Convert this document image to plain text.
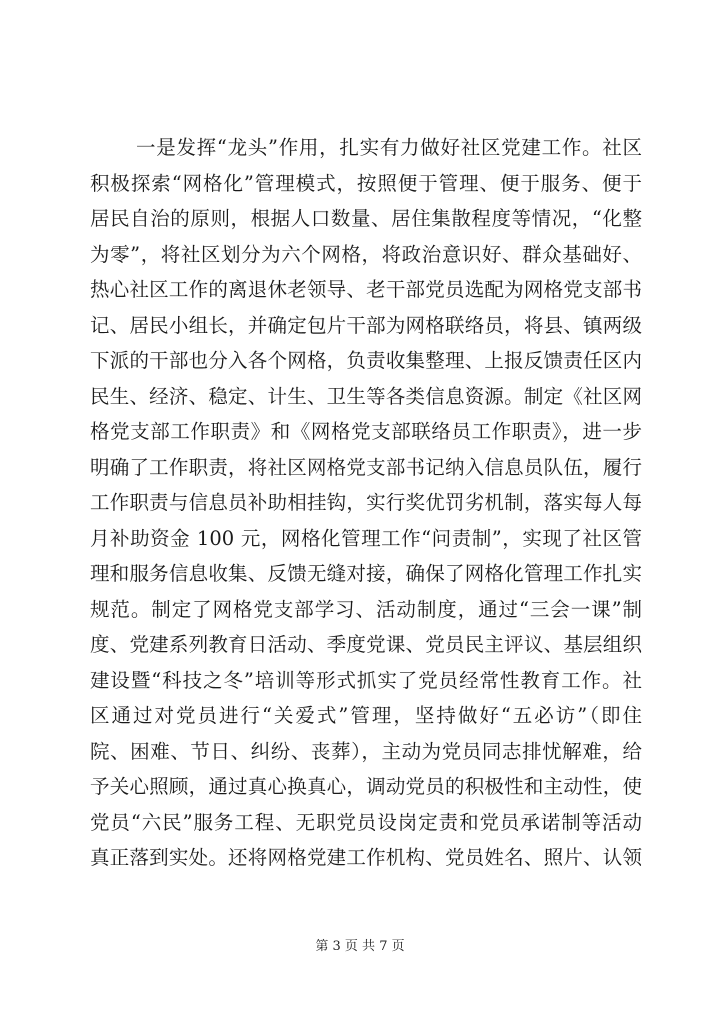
一是发挥“龙头”作用，扎实有力做好社区党建工作。社区
积极探索“网格化”管理模式，按照便于管理、便于服务、便于
居民自治的原则，根据人口数量、居住集散程度等情况，“化整
为零”，将社区划分为六个网格，将政治意识好、群众基础好、
热心社区工作的离退休老领导、老干部党员选配为网格党支部书
记、居民小组长，并确定包片干部为网格联络员，将县、镇两级
下派的干部也分入各个网格，负责收集整理、上报反馈责任区内
民生、经济、稳定、计生、卫生等各类信息资源。制定《社区网
格党支部工作职责》和《网格党支部联络员工作职责》，进一步
明确了工作职责，将社区网格党支部书记纳入信息员队伍，履行
工作职责与信息员补助相挂钩，实行奖优罚劣机制，落实每人每
月补助资金 100 元，网格化管理工作“问责制”，实现了社区管
理和服务信息收集、反馈无缝对接，确保了网格化管理工作扎实
规范。制定了网格党支部学习、活动制度，通过“三会一课”制
度、党建系列教育日活动、季度党课、党员民主评议、基层组织
建设暨“科技之冬”培训等形式抓实了党员经常性教育工作。社
区通过对党员进行“关爱式”管理，坚持做好“五必访”（即住
院、困难、节日、纠纷、丧葬），主动为党员同志排忧解难，给
予关心照顾，通过真心换真心，调动党员的积极性和主动性，使
党员“六民”服务工程、无职党员设岗定责和党员承诺制等活动
真正落到实处。还将网格党建工作机构、党员姓名、照片、认领
第 3 页 共 7 页
